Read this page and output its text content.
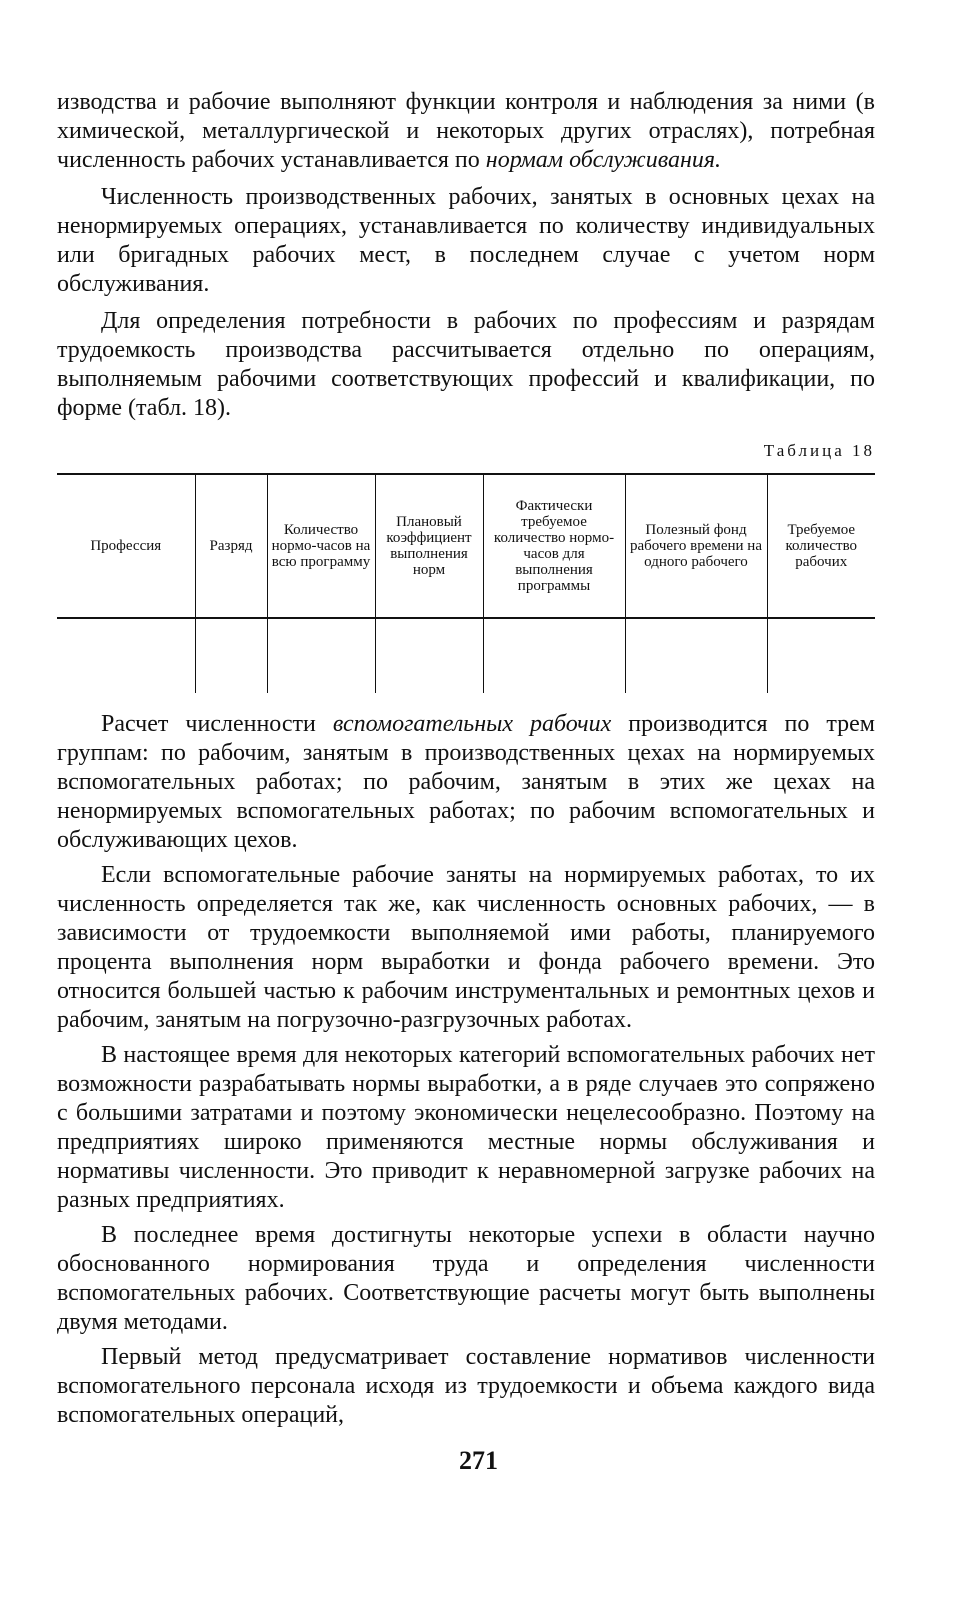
изводства и рабочие выполняют функции контроля и наблюдения за ними (в химической, металлургической и некоторых других отраслях), потребная численность рабочих устанавливается по нормам обслуживания.

Численность производственных рабочих, занятых в основных цехах на ненормируемых операциях, устанавливается по количеству индивидуальных или бригадных рабочих мест, в последнем случае с учетом норм обслуживания.

Для определения потребности в рабочих по профессиям и разрядам трудоемкость производства рассчитывается отдельно по операциям, выполняемым рабочими соответствующих профессий и квалификации, по форме (табл. 18).

Таблица 18
Профессия	Разряд	Количество нормо-часов на всю программу	Плановый коэффициент выполнения норм	Фактически требуемое количество нормо-часов для выполнения программы	Полезный фонд рабочего времени на одного рабочего	Требуемое количество рабочих

Расчет численности вспомогательных рабочих производится по трем группам: по рабочим, занятым в производственных цехах на нормируемых вспомогательных работах; по рабочим, занятым в этих же цехах на ненормируемых вспомогательных работах; по рабочим вспомогательных и обслуживающих цехов.

Если вспомогательные рабочие заняты на нормируемых работах, то их численность определяется так же, как численность основных рабочих, — в зависимости от трудоемкости выполняемой ими работы, планируемого процента выполнения норм выработки и фонда рабочего времени. Это относится большей частью к рабочим инструментальных и ремонтных цехов и рабочим, занятым на погрузочно-разгрузочных работах.

В настоящее время для некоторых категорий вспомогательных рабочих нет возможности разрабатывать нормы выработки, а в ряде случаев это сопряжено с большими затратами и поэтому экономически нецелесообразно. Поэтому на предприятиях широко применяются местные нормы обслуживания и нормативы численности. Это приводит к неравномерной загрузке рабочих на разных предприятиях.

В последнее время достигнуты некоторые успехи в области научно обоснованного нормирования труда и определения численности вспомогательных рабочих. Соответствующие расчеты могут быть выполнены двумя методами.

Первый метод предусматривает составление нормативов численности вспомогательного персонала исходя из трудоемкости и объема каждого вида вспомогательных операций,

271
